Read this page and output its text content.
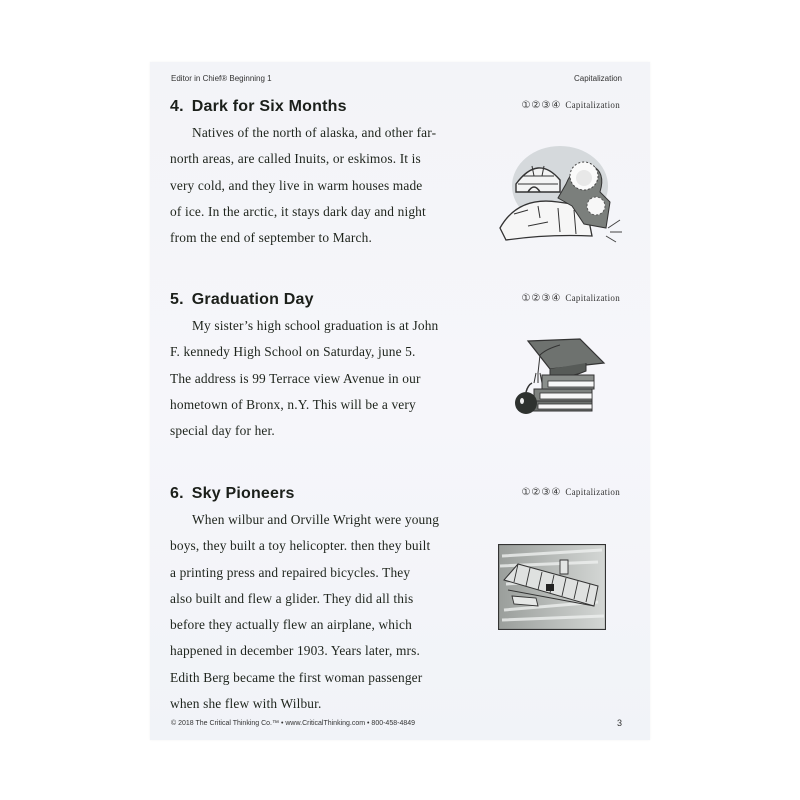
Editor in Chief® Beginning 1	Capitalization
4. Dark for Six Months	①②③④ Capitalization

Natives of the north of alaska, and other far-
north areas, are called Inuits, or eskimos. It is
very cold, and they live in warm houses made
of ice. In the arctic, it stays dark day and night
from the end of september to March.

5. Graduation Day	①②③④ Capitalization

My sister’s high school graduation is at John
F. kennedy High School on Saturday, june 5.
The address is 99 Terrace view Avenue in our
hometown of Bronx, n.Y. This will be a very
special day for her.

6. Sky Pioneers	①②③④ Capitalization

When wilbur and Orville Wright were young
boys, they built a toy helicopter. then they built
a printing press and repaired bicycles. They
also built and flew a glider. They did all this
before they actually flew an airplane, which
happened in december 1903. Years later, mrs.
Edith Berg became the first woman passenger
when she flew with Wilbur.

© 2018 The Critical Thinking Co.™ • www.CriticalThinking.com • 800-458-4849	3
